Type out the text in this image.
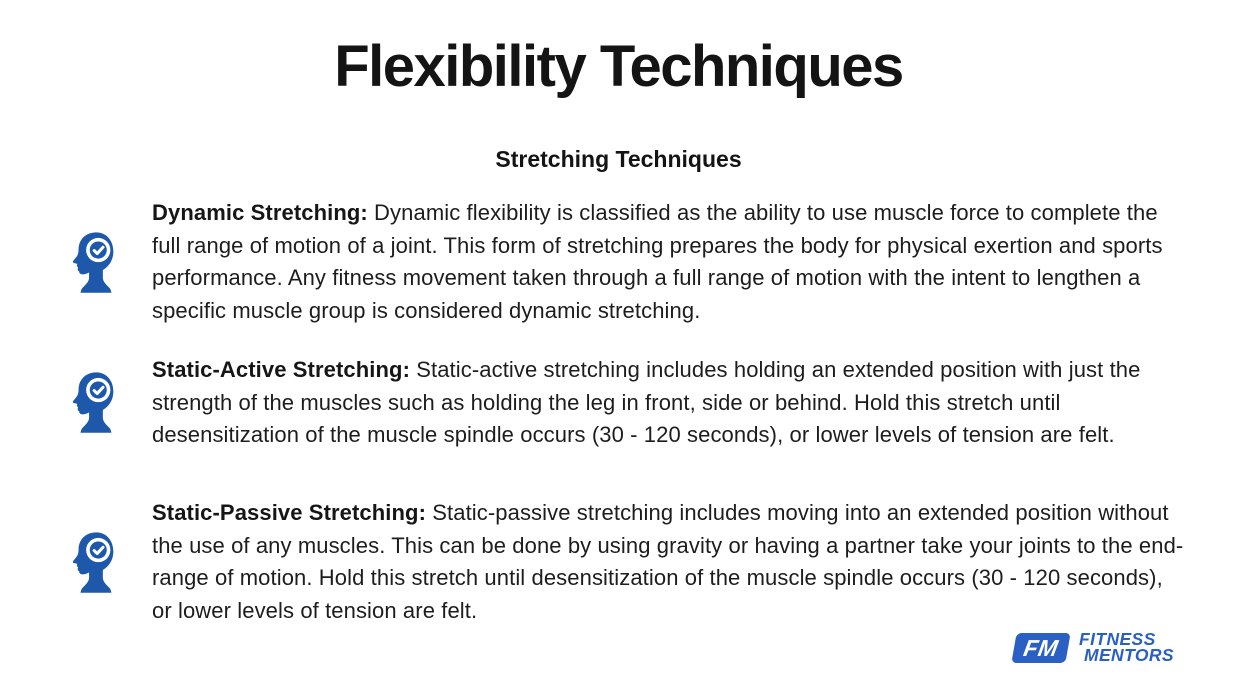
Flexibility Techniques
Stretching Techniques

Dynamic Stretching: Dynamic flexibility is classified as the ability to use muscle force to complete the full range of motion of a joint. This form of stretching prepares the body for physical exertion and sports performance. Any fitness movement taken through a full range of motion with the intent to lengthen a specific muscle group is considered dynamic stretching.

Static-Active Stretching: Static-active stretching includes holding an extended position with just the strength of the muscles such as holding the leg in front, side or behind. Hold this stretch until desensitization of the muscle spindle occurs (30 - 120 seconds), or lower levels of tension are felt.

Static-Passive Stretching: Static-passive stretching includes moving into an extended position without the use of any muscles. This can be done by using gravity or having a partner take your joints to the end-range of motion. Hold this stretch until desensitization of the muscle spindle occurs (30 - 120 seconds), or lower levels of tension are felt.

FM	FITNESS
MENTORS
